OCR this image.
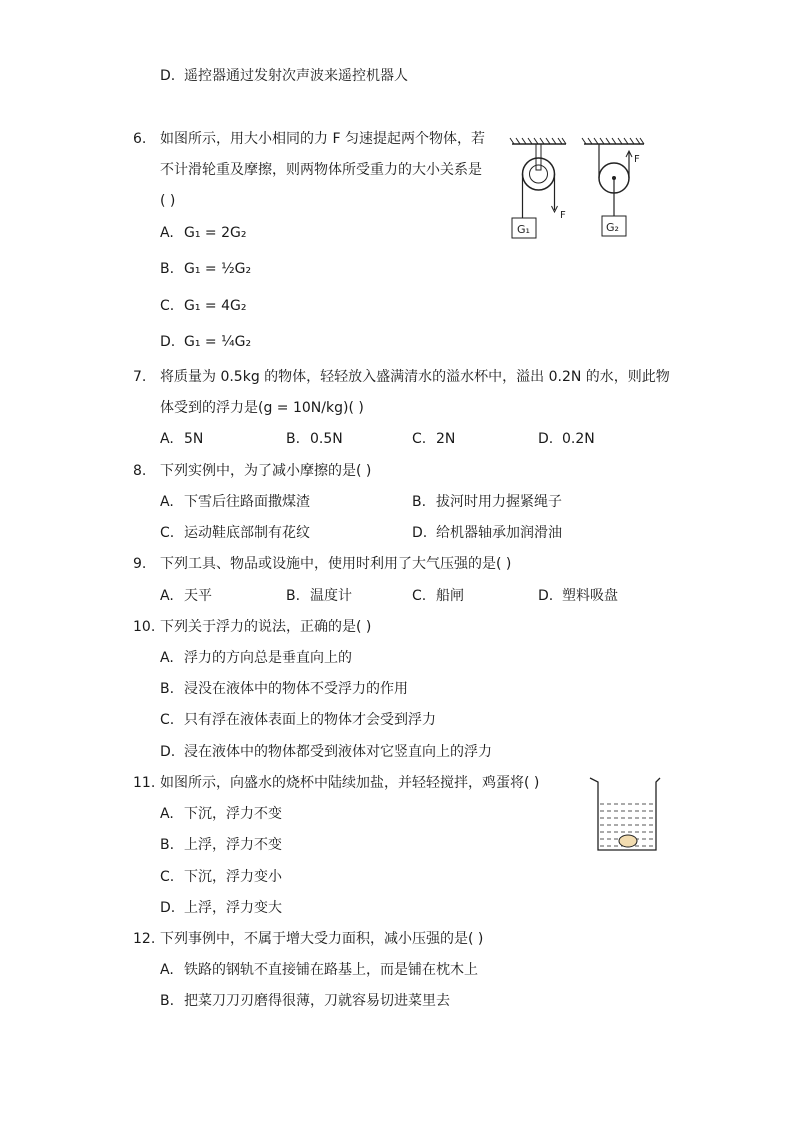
D. 遥控器通过发射次声波来遥控机器人
6. 如图所示，用大小相同的力 F 匀速提起两个物体，若
不计滑轮重及摩擦，则两物体所受重力的大小关系是
( )
A. G₁ = 2G₂
B. G₁ = ½G₂
C. G₁ = 4G₂
D. G₁ = ¼G₂
F
G₁
F
G₂
7. 将质量为 0.5kg 的物体，轻轻放入盛满清水的溢水杯中，溢出 0.2N 的水，则此物
体受到的浮力是(g = 10N/kg)( )
A. 5N	B. 0.5N	C. 2N	D. 0.2N
8. 下列实例中，为了减小摩擦的是( )
A. 下雪后往路面撒煤渣	B. 拔河时用力握紧绳子
C. 运动鞋底部制有花纹	D. 给机器轴承加润滑油
9. 下列工具、物品或设施中，使用时利用了大气压强的是( )
A. 天平	B. 温度计	C. 船闸	D. 塑料吸盘
10. 下列关于浮力的说法，正确的是( )
A. 浮力的方向总是垂直向上的
B. 浸没在液体中的物体不受浮力的作用
C. 只有浮在液体表面上的物体才会受到浮力
D. 浸在液体中的物体都受到液体对它竖直向上的浮力
11. 如图所示，向盛水的烧杯中陆续加盐，并轻轻搅拌，鸡蛋将( )
A. 下沉，浮力不变
B. 上浮，浮力不变
C. 下沉，浮力变小
D. 上浮，浮力变大
12. 下列事例中，不属于增大受力面积，减小压强的是( )
A. 铁路的钢轨不直接铺在路基上，而是铺在枕木上
B. 把菜刀刀刃磨得很薄，刀就容易切进菜里去
